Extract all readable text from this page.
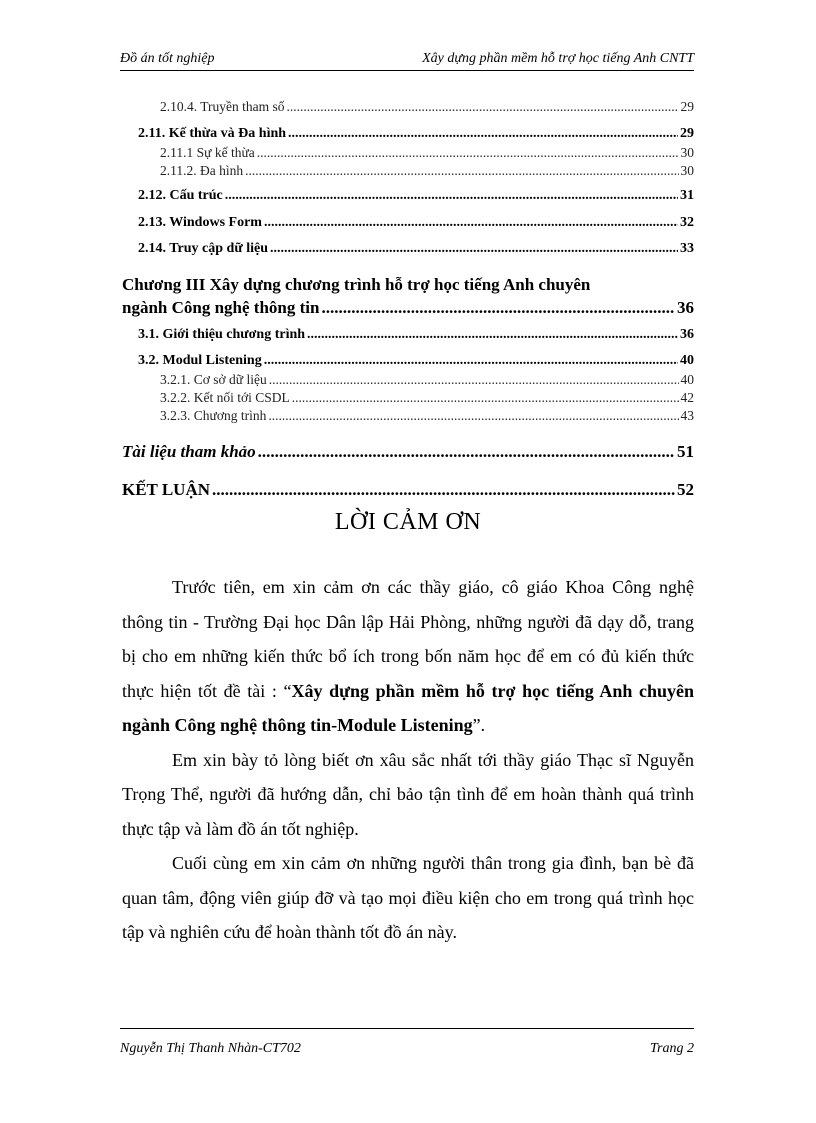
Đồ án tốt nghiệp	Xây dựng phần mềm hỗ trợ học tiếng Anh CNTT
2.10.4. Truyền tham số .....	29
2.11. Kế thừa và Đa hình .....	29
2.11.1 Sự kế thừa .....	30
2.11.2. Đa hình .....	30
2.12. Cấu trúc .....	31
2.13. Windows Form .....	32
2.14. Truy cập dữ liệu .....	33
Chương III Xây dựng chương trình hỗ trợ học tiếng Anh chuyên
ngành Công nghệ thông tin .....	36
3.1. Giới thiệu chương trình .....	36
3.2. Modul Listening .....	40
3.2.1. Cơ sở dữ liệu .....	40
3.2.2. Kết nối tới CSDL .....	42
3.2.3. Chương trình .....	43
Tài liệu tham khảo .....	51
KẾT LUẬN .....	52
LỜI CẢM ƠN

Trước tiên, em xin cảm ơn các thầy giáo, cô giáo Khoa Công nghệ thông tin - Trường Đại học Dân lập Hải Phòng, những người đã dạy dỗ, trang bị cho em những kiến thức bổ ích trong bốn năm học để em có đủ kiến thức thực hiện tốt đề tài : “Xây dựng phần mềm hỗ trợ học tiếng Anh chuyên ngành Công nghệ thông tin-Module Listening”.

Em xin bày tỏ lòng biết ơn xâu sắc nhất tới thầy giáo Thạc sĩ Nguyễn Trọng Thể, người đã hướng dẫn, chỉ bảo tận tình để em hoàn thành quá trình thực tập và làm đồ án tốt nghiệp.

Cuối cùng em xin cảm ơn những người thân trong gia đình, bạn bè đã quan tâm, động viên giúp đỡ và tạo mọi điều kiện cho em trong quá trình học tập và nghiên cứu để hoàn thành tốt đồ án này.

Nguyễn Thị Thanh Nhàn-CT702	Trang 2
